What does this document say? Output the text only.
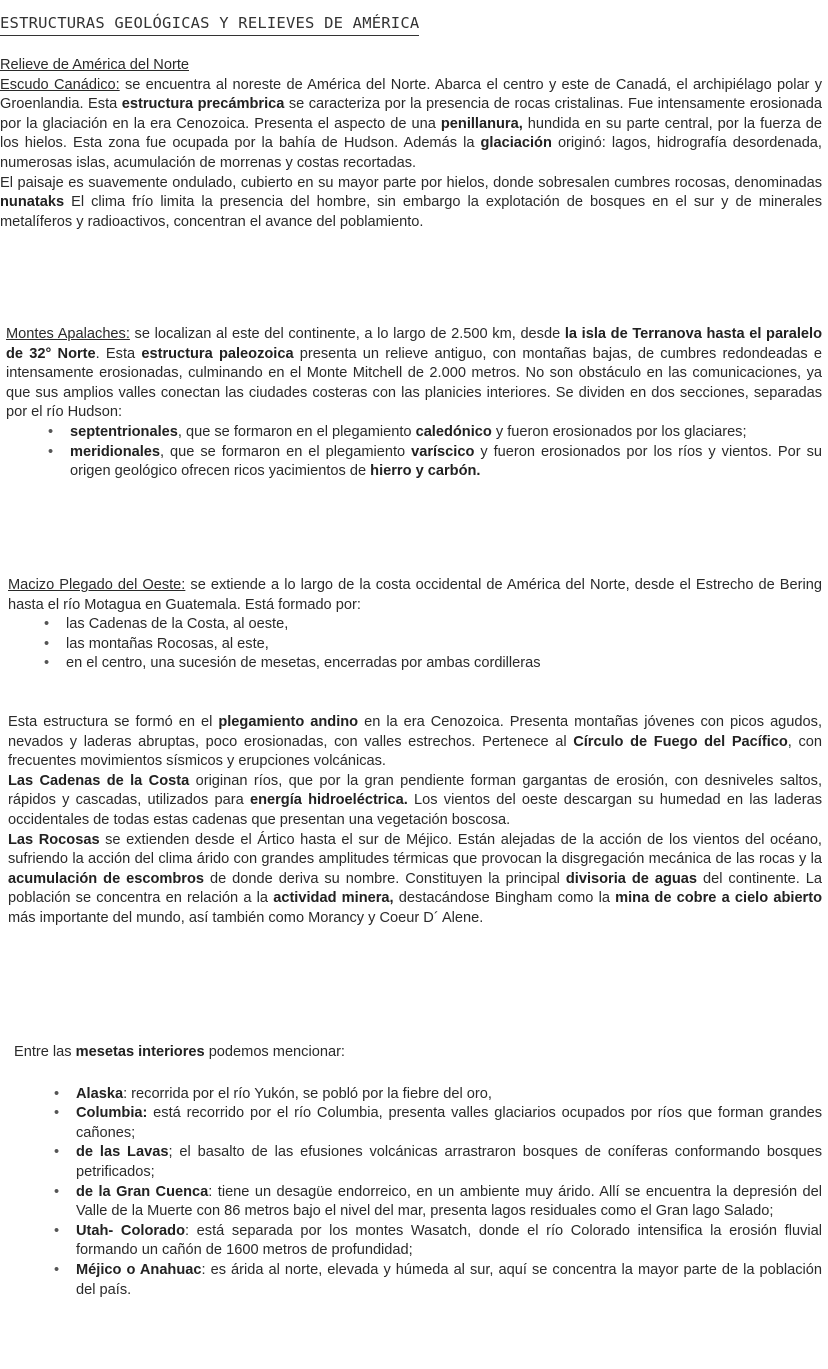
ESTRUCTURAS GEOLÓGICAS Y RELIEVES DE AMÉRICA
Relieve de América del Norte
Escudo Canádico: se encuentra al noreste de América del Norte. Abarca el centro y este de Canadá, el archipiélago polar y Groenlandia. Esta estructura precámbrica se caracteriza por la presencia de rocas cristalinas. Fue intensamente erosionada por la glaciación en la era Cenozoica. Presenta el aspecto de una penillanura, hundida en su parte central, por la fuerza de los hielos. Esta zona fue ocupada por la bahía de Hudson. Además la glaciación originó: lagos, hidrografía desordenada, numerosas islas, acumulación de morrenas y costas recortadas.
El paisaje es suavemente ondulado, cubierto en su mayor parte por hielos, donde sobresalen cumbres rocosas, denominadas nunataks El clima frío limita la presencia del hombre, sin embargo la explotación de bosques en el sur y de minerales metalíferos y radioactivos, concentran el avance del poblamiento.
Montes Apalaches: se localizan al este del continente, a lo largo de 2.500 km, desde la isla de Terranova hasta el paralelo de 32° Norte. Esta estructura paleozoica presenta un relieve antiguo, con montañas bajas, de cumbres redondeadas e intensamente erosionadas, culminando en el Monte Mitchell de 2.000 metros. No son obstáculo en las comunicaciones, ya que sus amplios valles conectan las ciudades costeras con las planicies interiores. Se dividen en dos secciones, separadas por el río Hudson:
• septentrionales, que se formaron en el plegamiento caledónico y fueron erosionados por los glaciares;
• meridionales, que se formaron en el plegamiento varíscico y fueron erosionados por los ríos y vientos. Por su origen geológico ofrecen ricos yacimientos de hierro y carbón.
Macizo Plegado del Oeste: se extiende a lo largo de la costa occidental de América del Norte, desde el Estrecho de Bering hasta el río Motagua en Guatemala. Está formado por:
• las Cadenas de la Costa, al oeste,
• las montañas Rocosas, al este,
• en el centro, una sucesión de mesetas, encerradas por ambas cordilleras
Esta estructura se formó en el plegamiento andino en la era Cenozoica. Presenta montañas jóvenes con picos agudos, nevados y laderas abruptas, poco erosionadas, con valles estrechos. Pertenece al Círculo de Fuego del Pacífico, con frecuentes movimientos sísmicos y erupciones volcánicas.
Las Cadenas de la Costa originan ríos, que por la gran pendiente forman gargantas de erosión, con desniveles saltos, rápidos y cascadas, utilizados para energía hidroeléctrica. Los vientos del oeste descargan su humedad en las laderas occidentales de todas estas cadenas que presentan una vegetación boscosa.
Las Rocosas se extienden desde el Ártico hasta el sur de Méjico. Están alejadas de la acción de los vientos del océano, sufriendo la acción del clima árido con grandes amplitudes térmicas que provocan la disgregación mecánica de las rocas y la acumulación de escombros de donde deriva su nombre. Constituyen la principal divisoria de aguas del continente. La población se concentra en relación a la actividad minera, destacándose Bingham como la mina de cobre a cielo abierto más importante del mundo, así también como Morancy y Coeur D´ Alene.
Entre las mesetas interiores podemos mencionar:
• Alaska: recorrida por el río Yukón, se pobló por la fiebre del oro,
• Columbia: está recorrido por el río Columbia, presenta valles glaciarios ocupados por ríos que forman grandes cañones;
• de las Lavas; el basalto de las efusiones volcánicas arrastraron bosques de coníferas conformando bosques petrificados;
• de la Gran Cuenca: tiene un desagüe endorreico, en un ambiente muy árido. Allí se encuentra la depresión del Valle de la Muerte con 86 metros bajo el nivel del mar, presenta lagos residuales como el Gran lago Salado;
• Utah- Colorado: está separada por los montes Wasatch, donde el río Colorado intensifica la erosión fluvial formando un cañón de 1600 metros de profundidad;
• Méjico o Anahuac: es árida al norte, elevada y húmeda al sur, aquí se concentra la mayor parte de la población del país.
